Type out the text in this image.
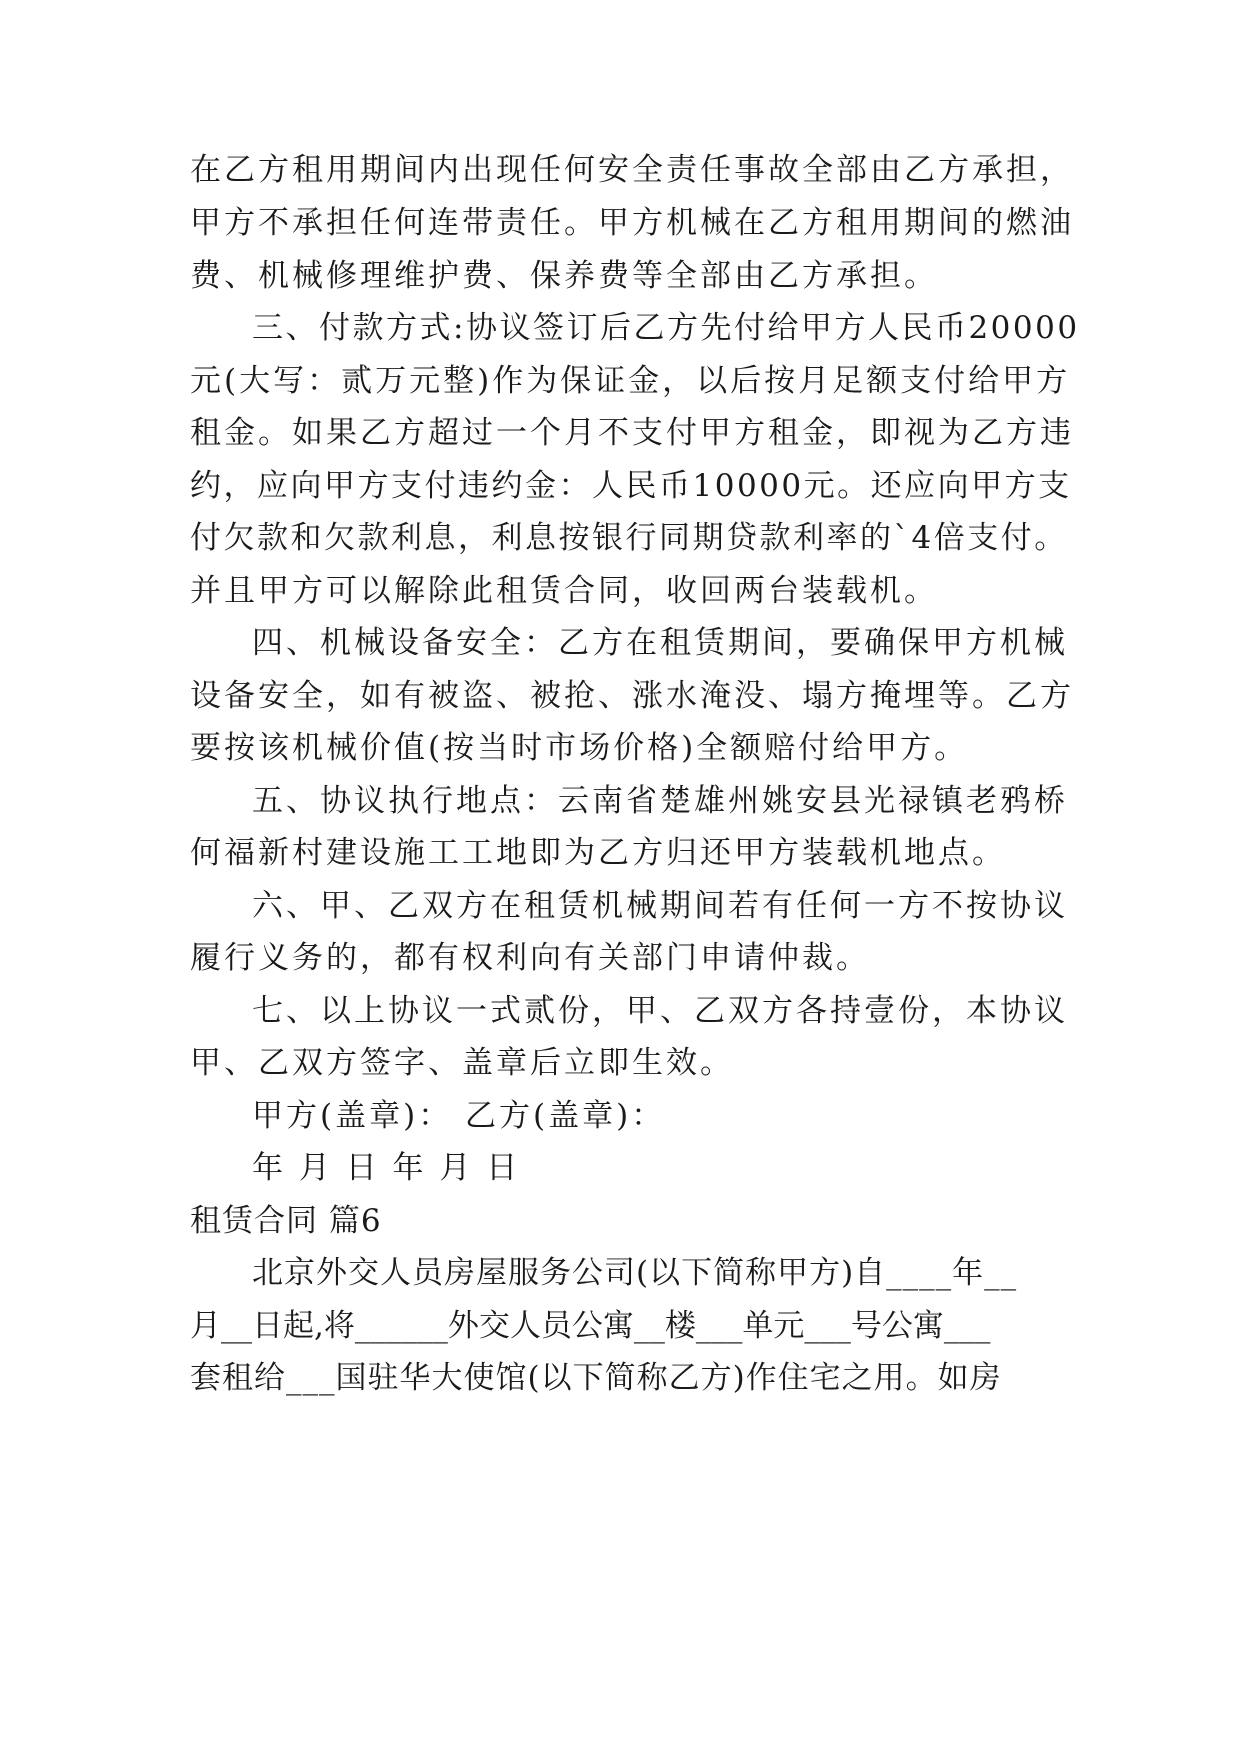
在乙方租用期间内出现任何安全责任事故全部由乙方承担，

甲方不承担任何连带责任。甲方机械在乙方租用期间的燃油

费、机械修理维护费、保养费等全部由乙方承担。

三、付款方式:协议签订后乙方先付给甲方人民币20000

元(大写：贰万元整)作为保证金，以后按月足额支付给甲方

租金。如果乙方超过一个月不支付甲方租金，即视为乙方违

约，应向甲方支付违约金：人民币10000元。还应向甲方支

付欠款和欠款利息，利息按银行同期贷款利率的`4倍支付。

并且甲方可以解除此租赁合同，收回两台装载机。

四、机械设备安全：乙方在租赁期间，要确保甲方机械

设备安全，如有被盗、被抢、涨水淹没、塌方掩埋等。乙方

要按该机械价值(按当时市场价格)全额赔付给甲方。

五、协议执行地点：云南省楚雄州姚安县光禄镇老鸦桥

何福新村建设施工工地即为乙方归还甲方装载机地点。

六、甲、乙双方在租赁机械期间若有任何一方不按协议

履行义务的，都有权利向有关部门申请仲裁。

七、以上协议一式贰份，甲、乙双方各持壹份，本协议

甲、乙双方签字、盖章后立即生效。

甲方(盖章)： 乙方(盖章)：

年 月 日 年 月 日

租赁合同 篇6

北京外交人员房屋服务公司(以下简称甲方)自____年__

月__日起,将______外交人员公寓__楼___单元___号公寓___

套租给___国驻华大使馆(以下简称乙方)作住宅之用。如房
